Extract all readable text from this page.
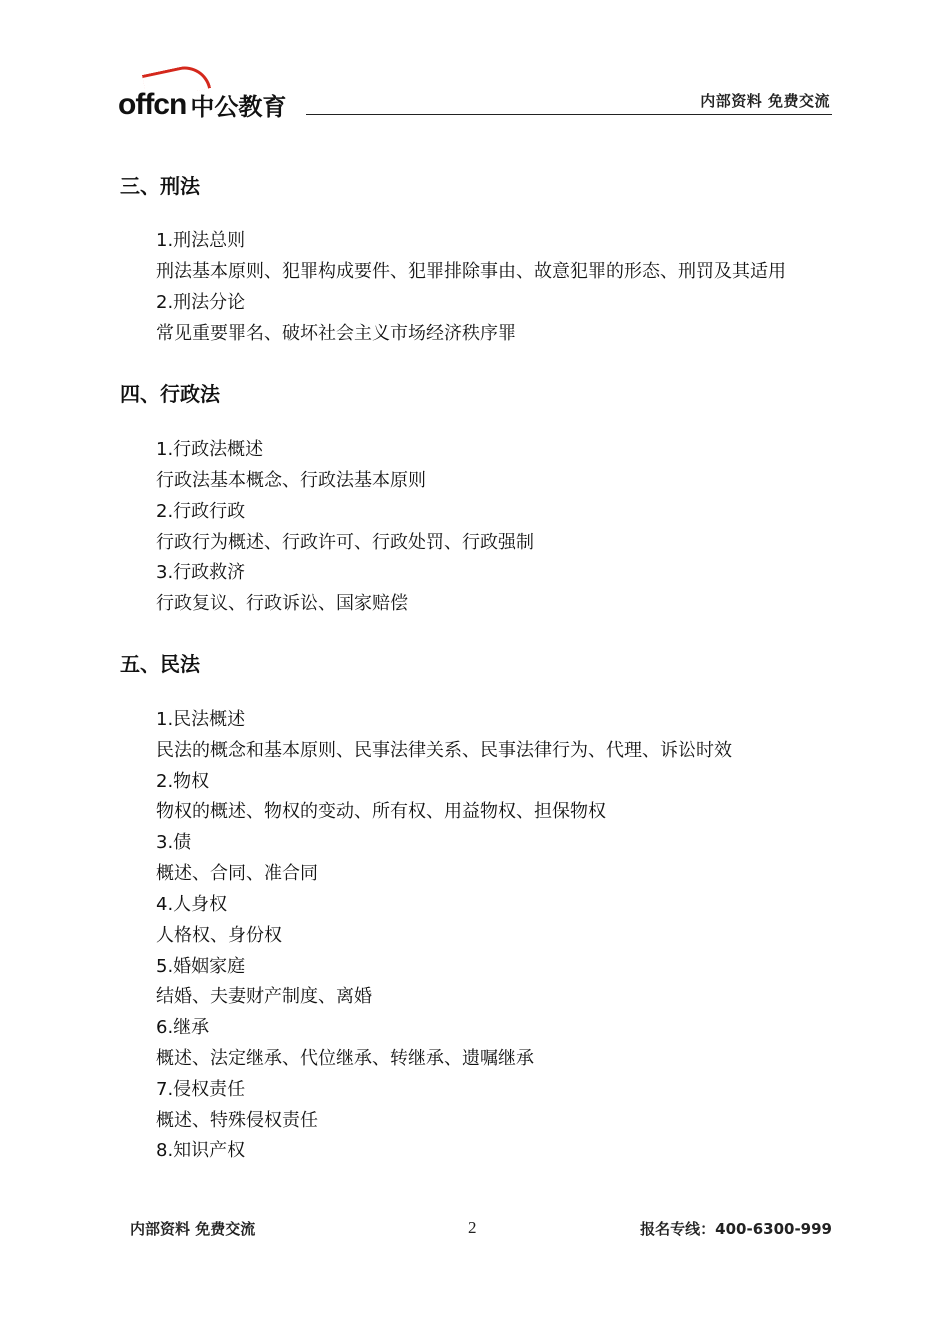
offcn 中公教育	内部资料 免费交流
三、刑法
1.刑法总则
刑法基本原则、犯罪构成要件、犯罪排除事由、故意犯罪的形态、刑罚及其适用
2.刑法分论
常见重要罪名、破坏社会主义市场经济秩序罪
四、行政法
1.行政法概述
行政法基本概念、行政法基本原则
2.行政行政
行政行为概述、行政许可、行政处罚、行政强制
3.行政救济
行政复议、行政诉讼、国家赔偿
五、民法
1.民法概述
民法的概念和基本原则、民事法律关系、民事法律行为、代理、诉讼时效
2.物权
物权的概述、物权的变动、所有权、用益物权、担保物权
3.债
概述、合同、准合同
4.人身权
人格权、身份权
5.婚姻家庭
结婚、夫妻财产制度、离婚
6.继承
概述、法定继承、代位继承、转继承、遗嘱继承
7.侵权责任
概述、特殊侵权责任
8.知识产权
内部资料 免费交流	2	报名专线：400-6300-999
